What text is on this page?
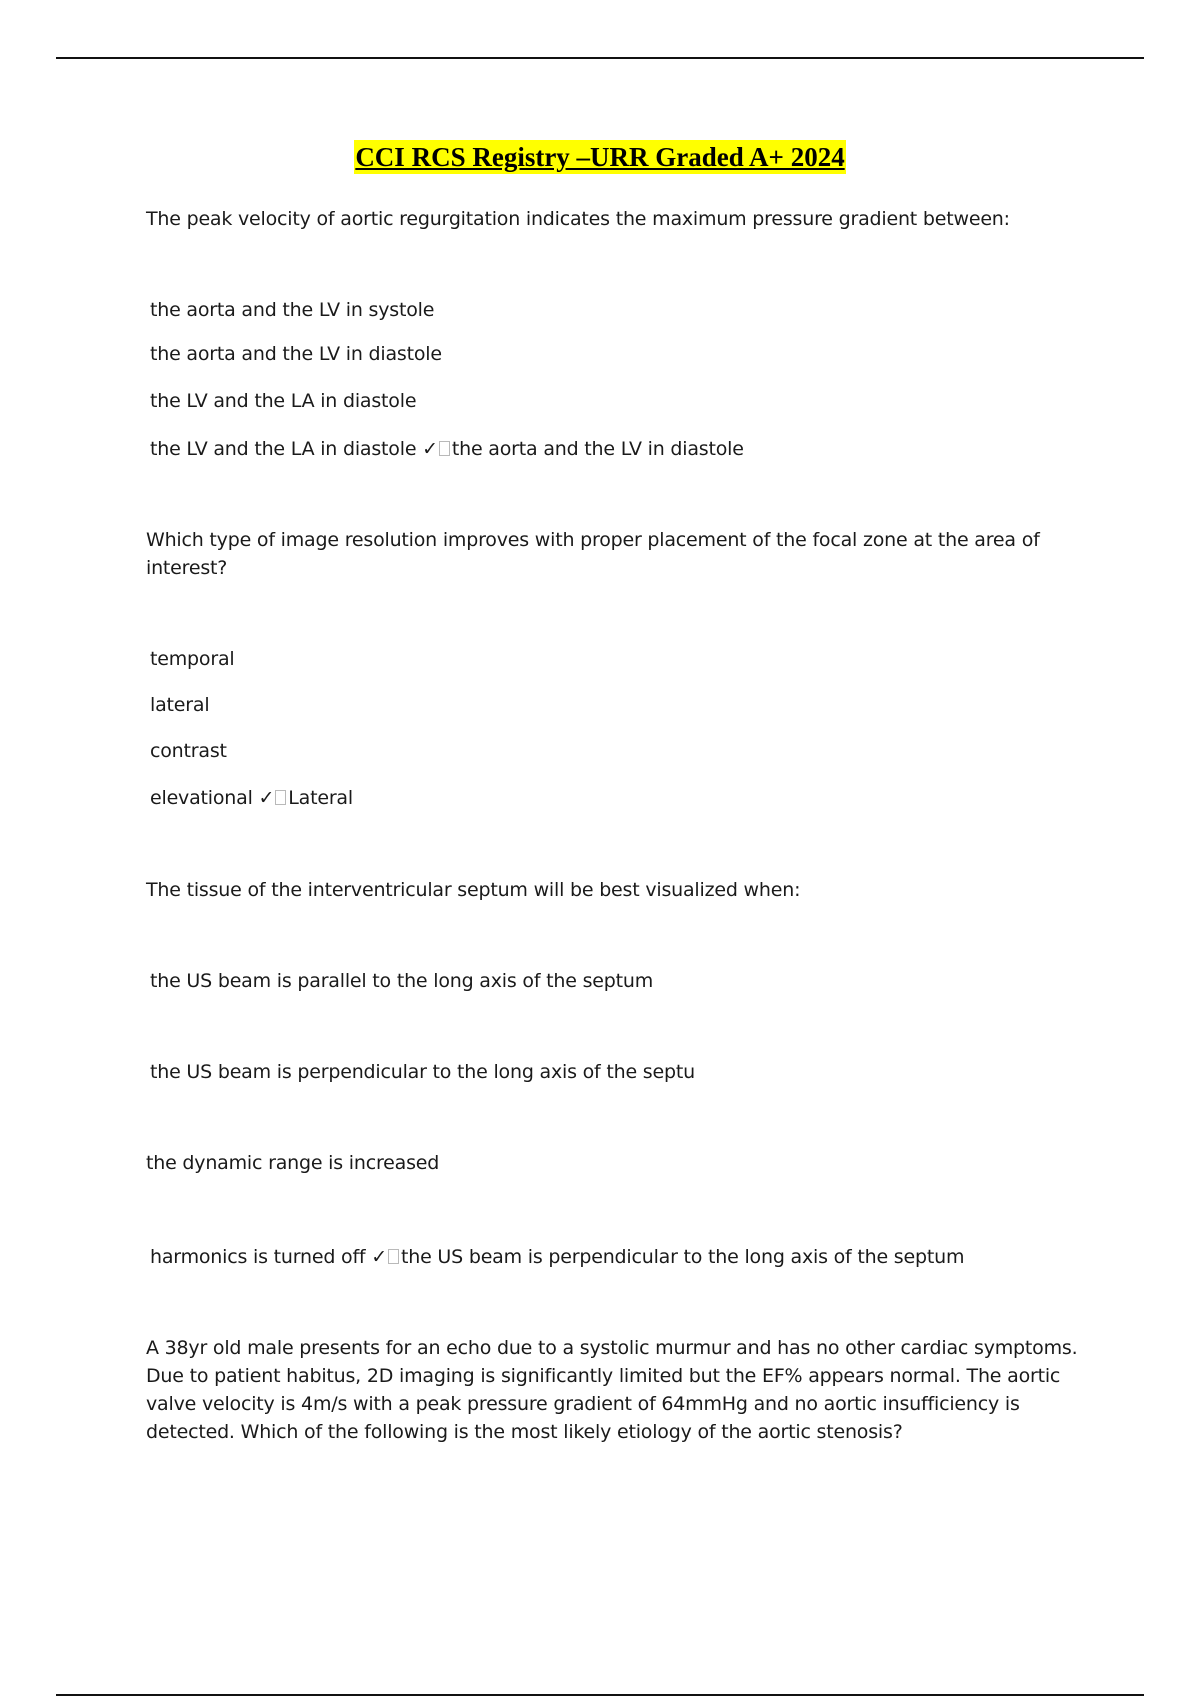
CCI RCS Registry –URR Graded A+ 2024
The peak velocity of aortic regurgitation indicates the maximum pressure gradient between:
the aorta and the LV in systole
the aorta and the LV in diastole
the LV and the LA in diastole
the LV and the LA in diastole ✓ the aorta and the LV in diastole
Which type of image resolution improves with proper placement of the focal zone at the area of interest?
temporal
lateral
contrast
elevational ✓ Lateral
The tissue of the interventricular septum will be best visualized when:
the US beam is parallel to the long axis of the septum
the US beam is perpendicular to the long axis of the septu
the dynamic range is increased
harmonics is turned off ✓ the US beam is perpendicular to the long axis of the septum
A 38yr old male presents for an echo due to a systolic murmur and has no other cardiac symptoms. Due to patient habitus, 2D imaging is significantly limited but the EF% appears normal. The aortic valve velocity is 4m/s with a peak pressure gradient of 64mmHg and no aortic insufficiency is detected. Which of the following is the most likely etiology of the aortic stenosis?
